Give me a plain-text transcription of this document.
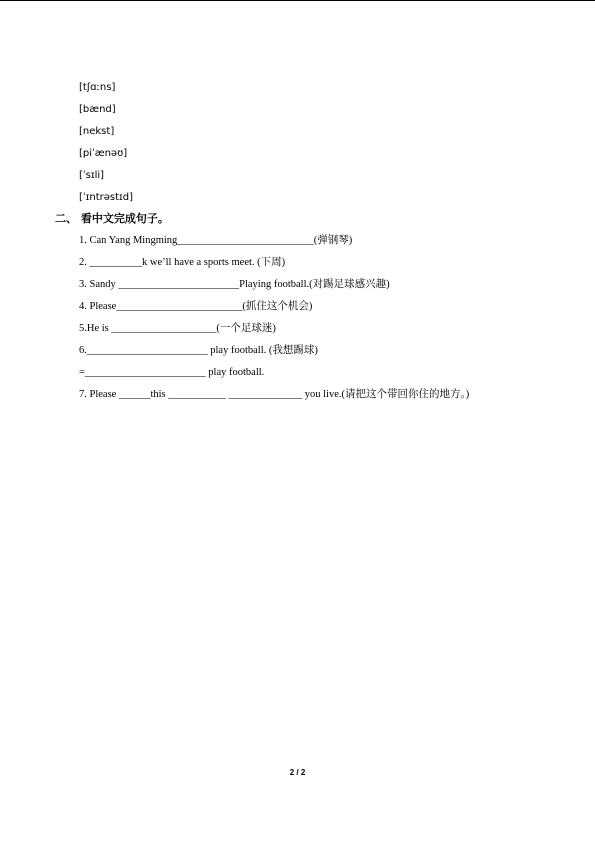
[tʃɑːns]
[bænd]
[nekst]
[piˈænəʊ]
[ˈsɪli]
[ˈɪntrəstɪd]
二、 看中文完成句子。
1. Can Yang Mingming__________________________(弹钢琴)
2. __________k we’ll have a sports meet. (下周)
3. Sandy _______________________Playing football.(对踢足球感兴趣)
4. Please________________________(抓住这个机会)
5.He is ____________________(一个足球迷)
6._______________________ play football. (我想踢球)
=_______________________ play football.
7. Please ______this ___________ ______________ you live.(请把这个带回你住的地方。)
2 / 2
